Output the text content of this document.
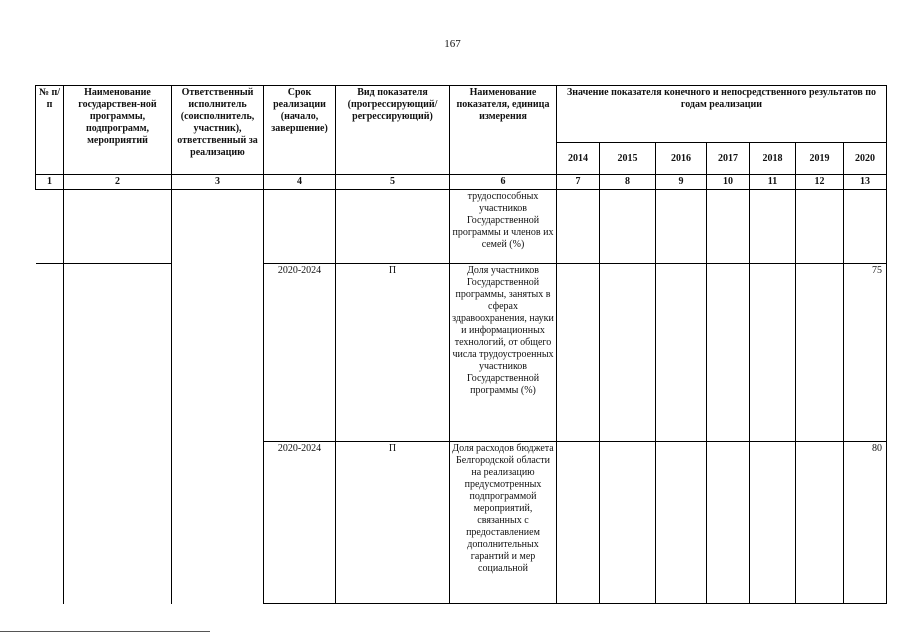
167
№ п/п	Наименование государствен-ной программы, подпрограмм, мероприятий	Ответственный исполнитель (соисполнитель, участник), ответственный за реализацию	Срок реализации (начало, завершение)	Вид показателя (прогрессирующий/ регрессирующий)	Наименование показателя, единица измерения	Значение показателя конечного и непосредственного результатов по годам реализации						
						2014	2015	2016	2017	2018	2019	2020
1	2	3	4	5	6	7	8	9	10	11	12	13
					трудоспособных участников Государственной программы и членов их семей (%)							
			2020-2024	П	Доля участников Государственной программы, занятых в сферах здравоохранения, науки и информационных технологий, от общего числа трудоустроенных участников Государственной программы (%)							75
			2020-2024	П	Доля расходов бюджета Белгородской области на реализацию предусмотренных подпрограммой мероприятий, связанных с предоставлением дополнительных гарантий и мер социальной							80
